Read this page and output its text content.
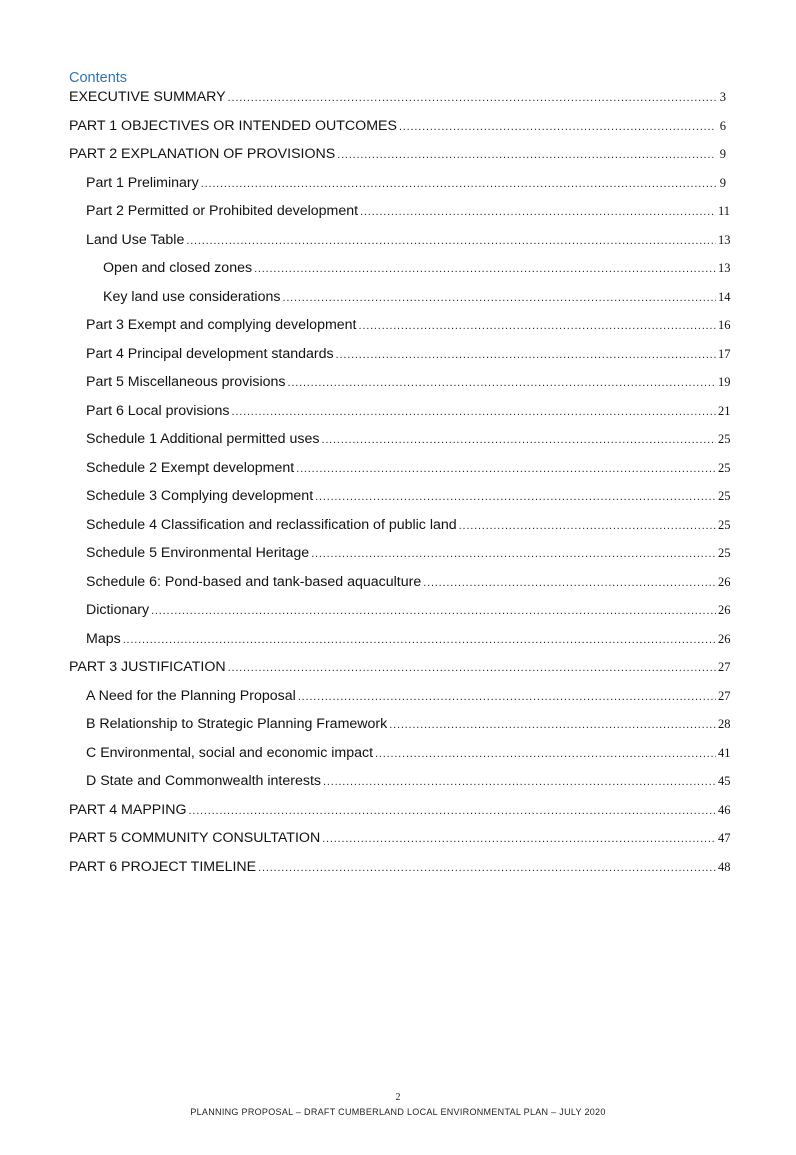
Contents
EXECUTIVE SUMMARY .....	3
PART 1 OBJECTIVES OR INTENDED OUTCOMES .....	6
PART 2 EXPLANATION OF PROVISIONS .....	9
Part 1 Preliminary .....	9
Part 2 Permitted or Prohibited development .....	11
Land Use Table .....	13
Open and closed zones .....	13
Key land use considerations .....	14
Part 3 Exempt and complying development .....	16
Part 4 Principal development standards .....	17
Part 5 Miscellaneous provisions .....	19
Part 6 Local provisions .....	21
Schedule 1 Additional permitted uses .....	25
Schedule 2 Exempt development .....	25
Schedule 3 Complying development .....	25
Schedule 4 Classification and reclassification of public land .....	25
Schedule 5 Environmental Heritage .....	25
Schedule 6: Pond-based and tank-based aquaculture .....	26
Dictionary .....	26
Maps .....	26
PART 3 JUSTIFICATION .....	27
A Need for the Planning Proposal .....	27
B Relationship to Strategic Planning Framework .....	28
C Environmental, social and economic impact .....	41
D State and Commonwealth interests .....	45
PART 4 MAPPING .....	46
PART 5 COMMUNITY CONSULTATION .....	47
PART 6 PROJECT TIMELINE .....	48
2
PLANNING PROPOSAL – DRAFT CUMBERLAND LOCAL ENVIRONMENTAL PLAN – JULY 2020
